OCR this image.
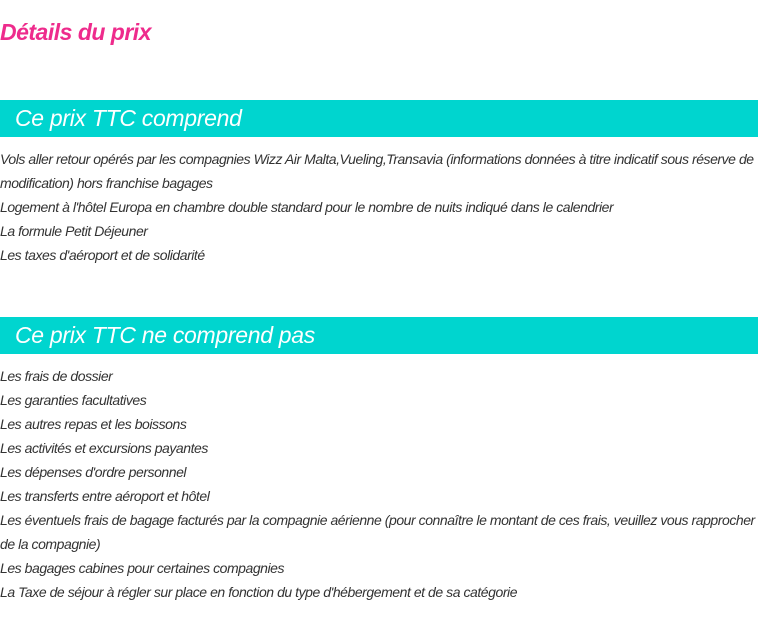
Détails du prix
Ce prix TTC comprend
Vols aller retour opérés par les compagnies Wizz Air Malta,Vueling,Transavia (informations données à titre indicatif sous réserve de modification) hors franchise bagages
Logement à l'hôtel Europa en chambre double standard pour le nombre de nuits indiqué dans le calendrier
La formule Petit Déjeuner
Les taxes d'aéroport et de solidarité
Ce prix TTC ne comprend pas
Les frais de dossier
Les garanties facultatives
Les autres repas et les boissons
Les activités et excursions payantes
Les dépenses d'ordre personnel
Les transferts entre aéroport et hôtel
Les éventuels frais de bagage facturés par la compagnie aérienne (pour connaître le montant de ces frais, veuillez vous rapprocher de la compagnie)
Les bagages cabines pour certaines compagnies
La Taxe de séjour à régler sur place en fonction du type d'hébergement et de sa catégorie
